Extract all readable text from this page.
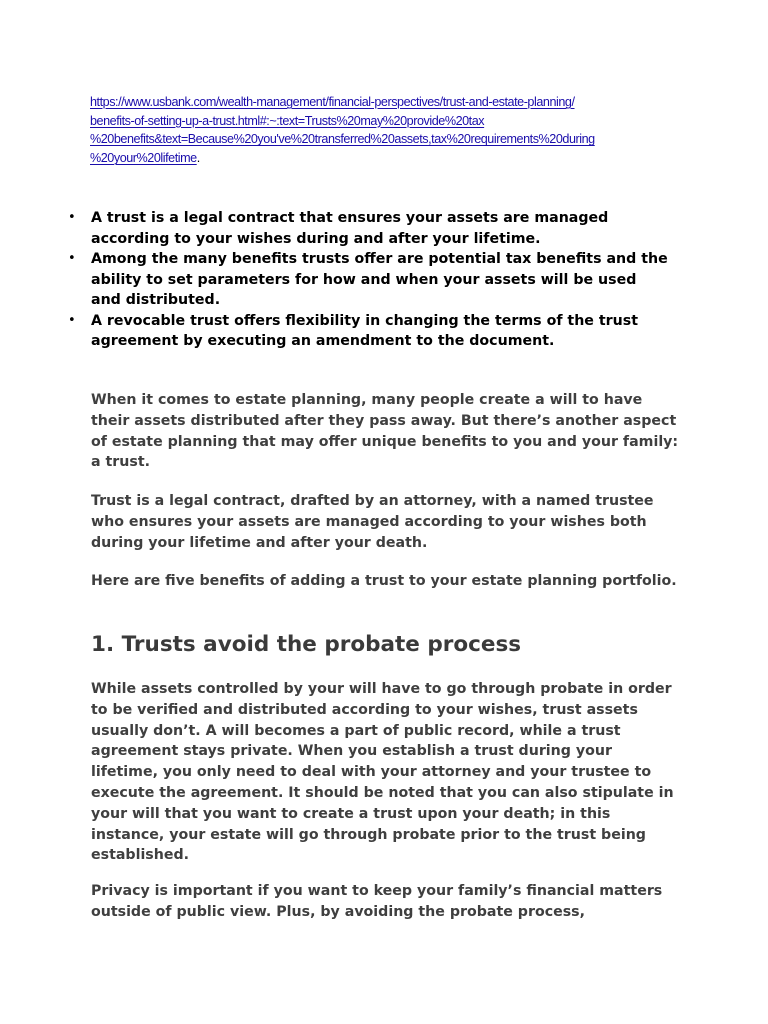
https://www.usbank.com/wealth-management/financial-perspectives/trust-and-estate-planning/
benefits-of-setting-up-a-trust.html#:~:text=Trusts%20may%20provide%20tax
%20benefits&text=Because%20you've%20transferred%20assets,tax%20requirements%20during
%20your%20lifetime.
• A trust is a legal contract that ensures your assets are managed according to your wishes during and after your lifetime.
• Among the many benefits trusts offer are potential tax benefits and the ability to set parameters for how and when your assets will be used and distributed.
• A revocable trust offers flexibility in changing the terms of the trust agreement by executing an amendment to the document.

When it comes to estate planning, many people create a will to have their assets distributed after they pass away. But there’s another aspect of estate planning that may offer unique benefits to you and your family: a trust.

Trust is a legal contract, drafted by an attorney, with a named trustee who ensures your assets are managed according to your wishes both during your lifetime and after your death.

Here are five benefits of adding a trust to your estate planning portfolio.

1. Trusts avoid the probate process

While assets controlled by your will have to go through probate in order to be verified and distributed according to your wishes, trust assets usually don’t. A will becomes a part of public record, while a trust agreement stays private. When you establish a trust during your lifetime, you only need to deal with your attorney and your trustee to execute the agreement. It should be noted that you can also stipulate in your will that you want to create a trust upon your death; in this instance, your estate will go through probate prior to the trust being established.

Privacy is important if you want to keep your family’s financial matters outside of public view. Plus, by avoiding the probate process,
